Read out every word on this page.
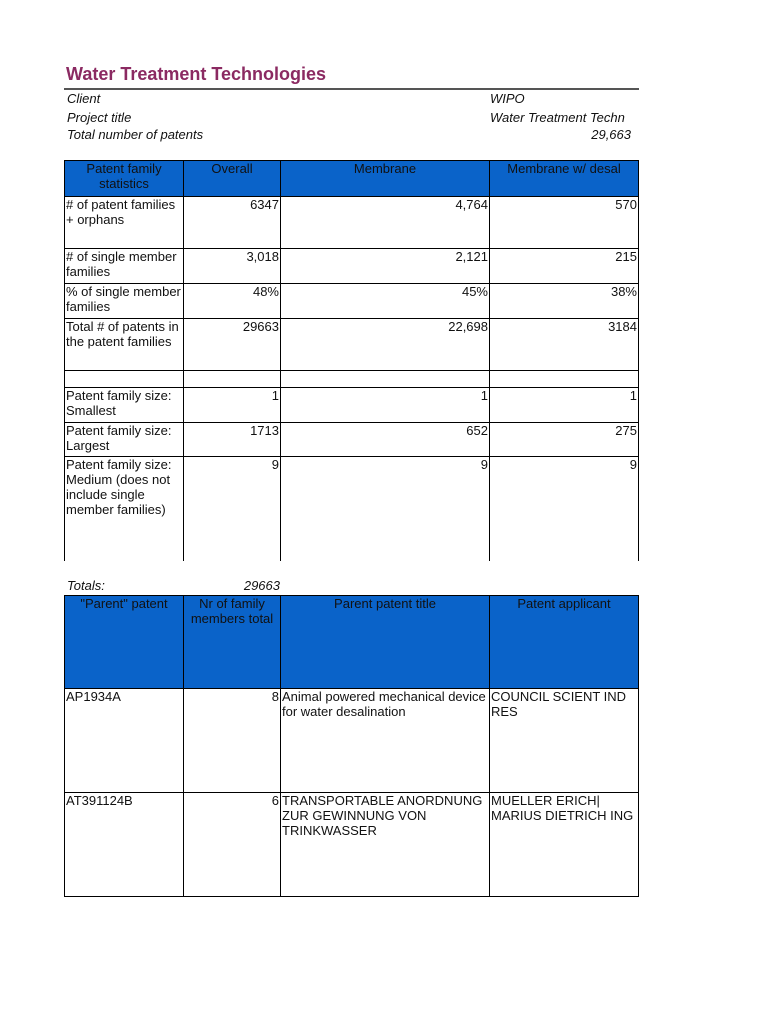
Water Treatment Technologies
Client	WIPO
Project title	Water Treatment Techn
Total number of patents	29,663
Patent family statistics	Overall	Membrane	Membrane w/ desal
# of patent families + orphans	6347	4,764	570
# of single member families	3,018	2,121	215
% of single member families	48%	45%	38%
Total # of patents in the patent families	29663	22,698	3184

Patent family size: Smallest	1	1	1
Patent family size: Largest	1713	652	275
Patent family size: Medium (does not include single member families)	9	9	9
Totals:	29663
"Parent" patent	Nr of family members total	Parent patent title	Patent applicant
AP1934A	8	Animal powered mechanical device for water desalination	COUNCIL SCIENT IND RES
AT391124B	6	TRANSPORTABLE ANORDNUNG ZUR GEWINNUNG VON TRINKWASSER	MUELLER ERICH| MARIUS DIETRICH ING
